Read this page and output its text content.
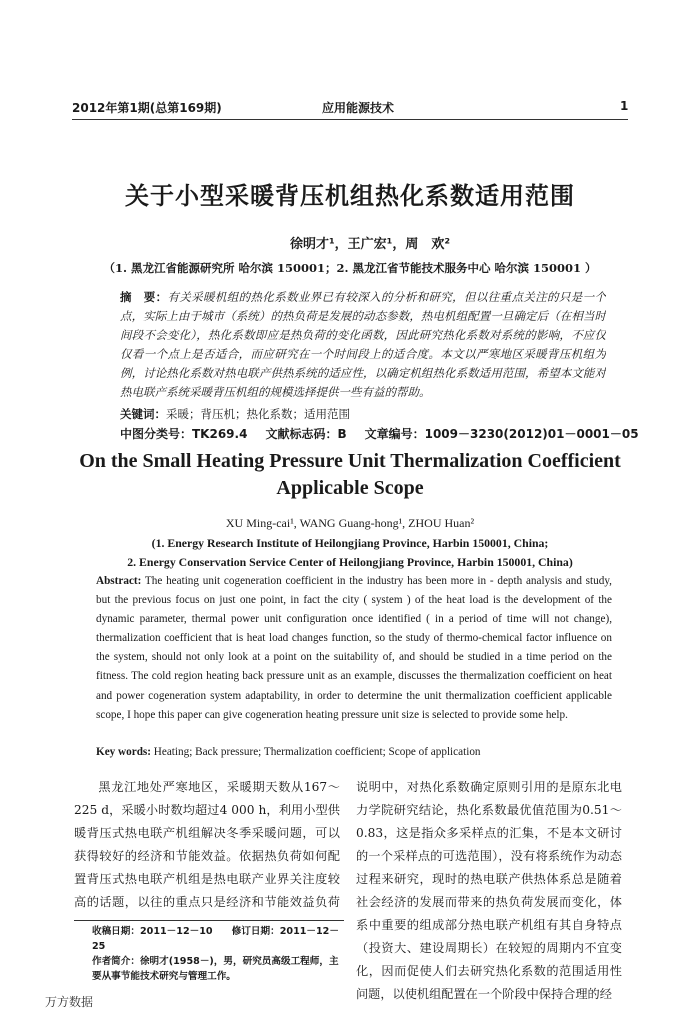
2012年第1期(总第169期)	应用能源技术	1
关于小型采暖背压机组热化系数适用范围
徐明才¹，王广宏¹，周　欢²
（1. 黑龙江省能源研究所 哈尔滨 150001；2. 黑龙江省节能技术服务中心 哈尔滨 150001 ）
摘　要：有关采暖机组的热化系数业界已有较深入的分析和研究，但以往重点关注的只是一个点，实际上由于城市（系统）的热负荷是发展的动态参数，热电机组配置一旦确定后（在相当时间段不会变化），热化系数即应是热负荷的变化函数，因此研究热化系数对系统的影响，不应仅仅看一个点上是否适合，而应研究在一个时间段上的适合度。本文以严寒地区采暖背压机组为例，讨论热化系数对热电联产供热系统的适应性，以确定机组热化系数适用范围，希望本文能对热电联产系统采暖背压机组的规模选择提供一些有益的帮助。
关键词：采暖；背压机；热化系数；适用范围
中图分类号：TK269.4 文献标志码：B 文章编号：1009－3230(2012)01－0001－05
On the Small Heating Pressure Unit Thermalization Coefficient Applicable Scope
XU Ming-cai¹, WANG Guang-hong¹, ZHOU Huan²
(1. Energy Research Institute of Heilongjiang Province, Harbin 150001, China;
2. Energy Conservation Service Center of Heilongjiang Province, Harbin 150001, China)
Abstract: The heating unit cogeneration coefficient in the industry has been more in - depth analysis and study, but the previous focus on just one point, in fact the city ( system ) of the heat load is the development of the dynamic parameter, thermal power unit configuration once identified ( in a period of time will not change), thermalization coefficient that is heat load changes function, so the study of thermo-chemical factor influence on the system, should not only look at a point on the suitability of, and should be studied in a time period on the fitness. The cold region heating back pressure unit as an example, discusses the thermalization coefficient on heat and power cogeneration system adaptability, in order to determine the unit thermalization coefficient applicable scope, I hope this paper can give cogeneration heating pressure unit size is selected to provide some help.
Key words: Heating; Back pressure; Thermalization coefficient; Scope of application

黑龙江地处严寒地区，采暖期天数从167～225 d，采暖小时数均超过4 000 h，利用小型供暖背压式热电联产机组解决冬季采暖问题，可以获得较好的经济和节能效益。依据热负荷如何配置背压式热电联产机组是热电联产业界关注度较高的话题，以往的重点只是经济和节能效益负荷

说明中，对热化系数确定原则引用的是原东北电力学院研究结论，热化系数最优值范围为0.51～0.83，这是指众多采样点的汇集，不是本文研讨的一个采样点的可选范围），没有将系统作为动态过程来研究，现时的热电联产供热体系总是随着社会经济的发展而带来的热负荷发展而变化，体系中重要的组成部分热电联产机组有其自身特点（投资大、建设周期长）在较短的周期内不宜变化，因而促使人们去研究热化系数的范围适用性问题，以使机组配置在一个阶段中保持合理的经

收稿日期：2011－12－10　　修订日期：2011－12－25
作者简介：徐明才(1958－)，男，研究员高级工程师，主要从事节能技术研究与管理工作。
万方数据
